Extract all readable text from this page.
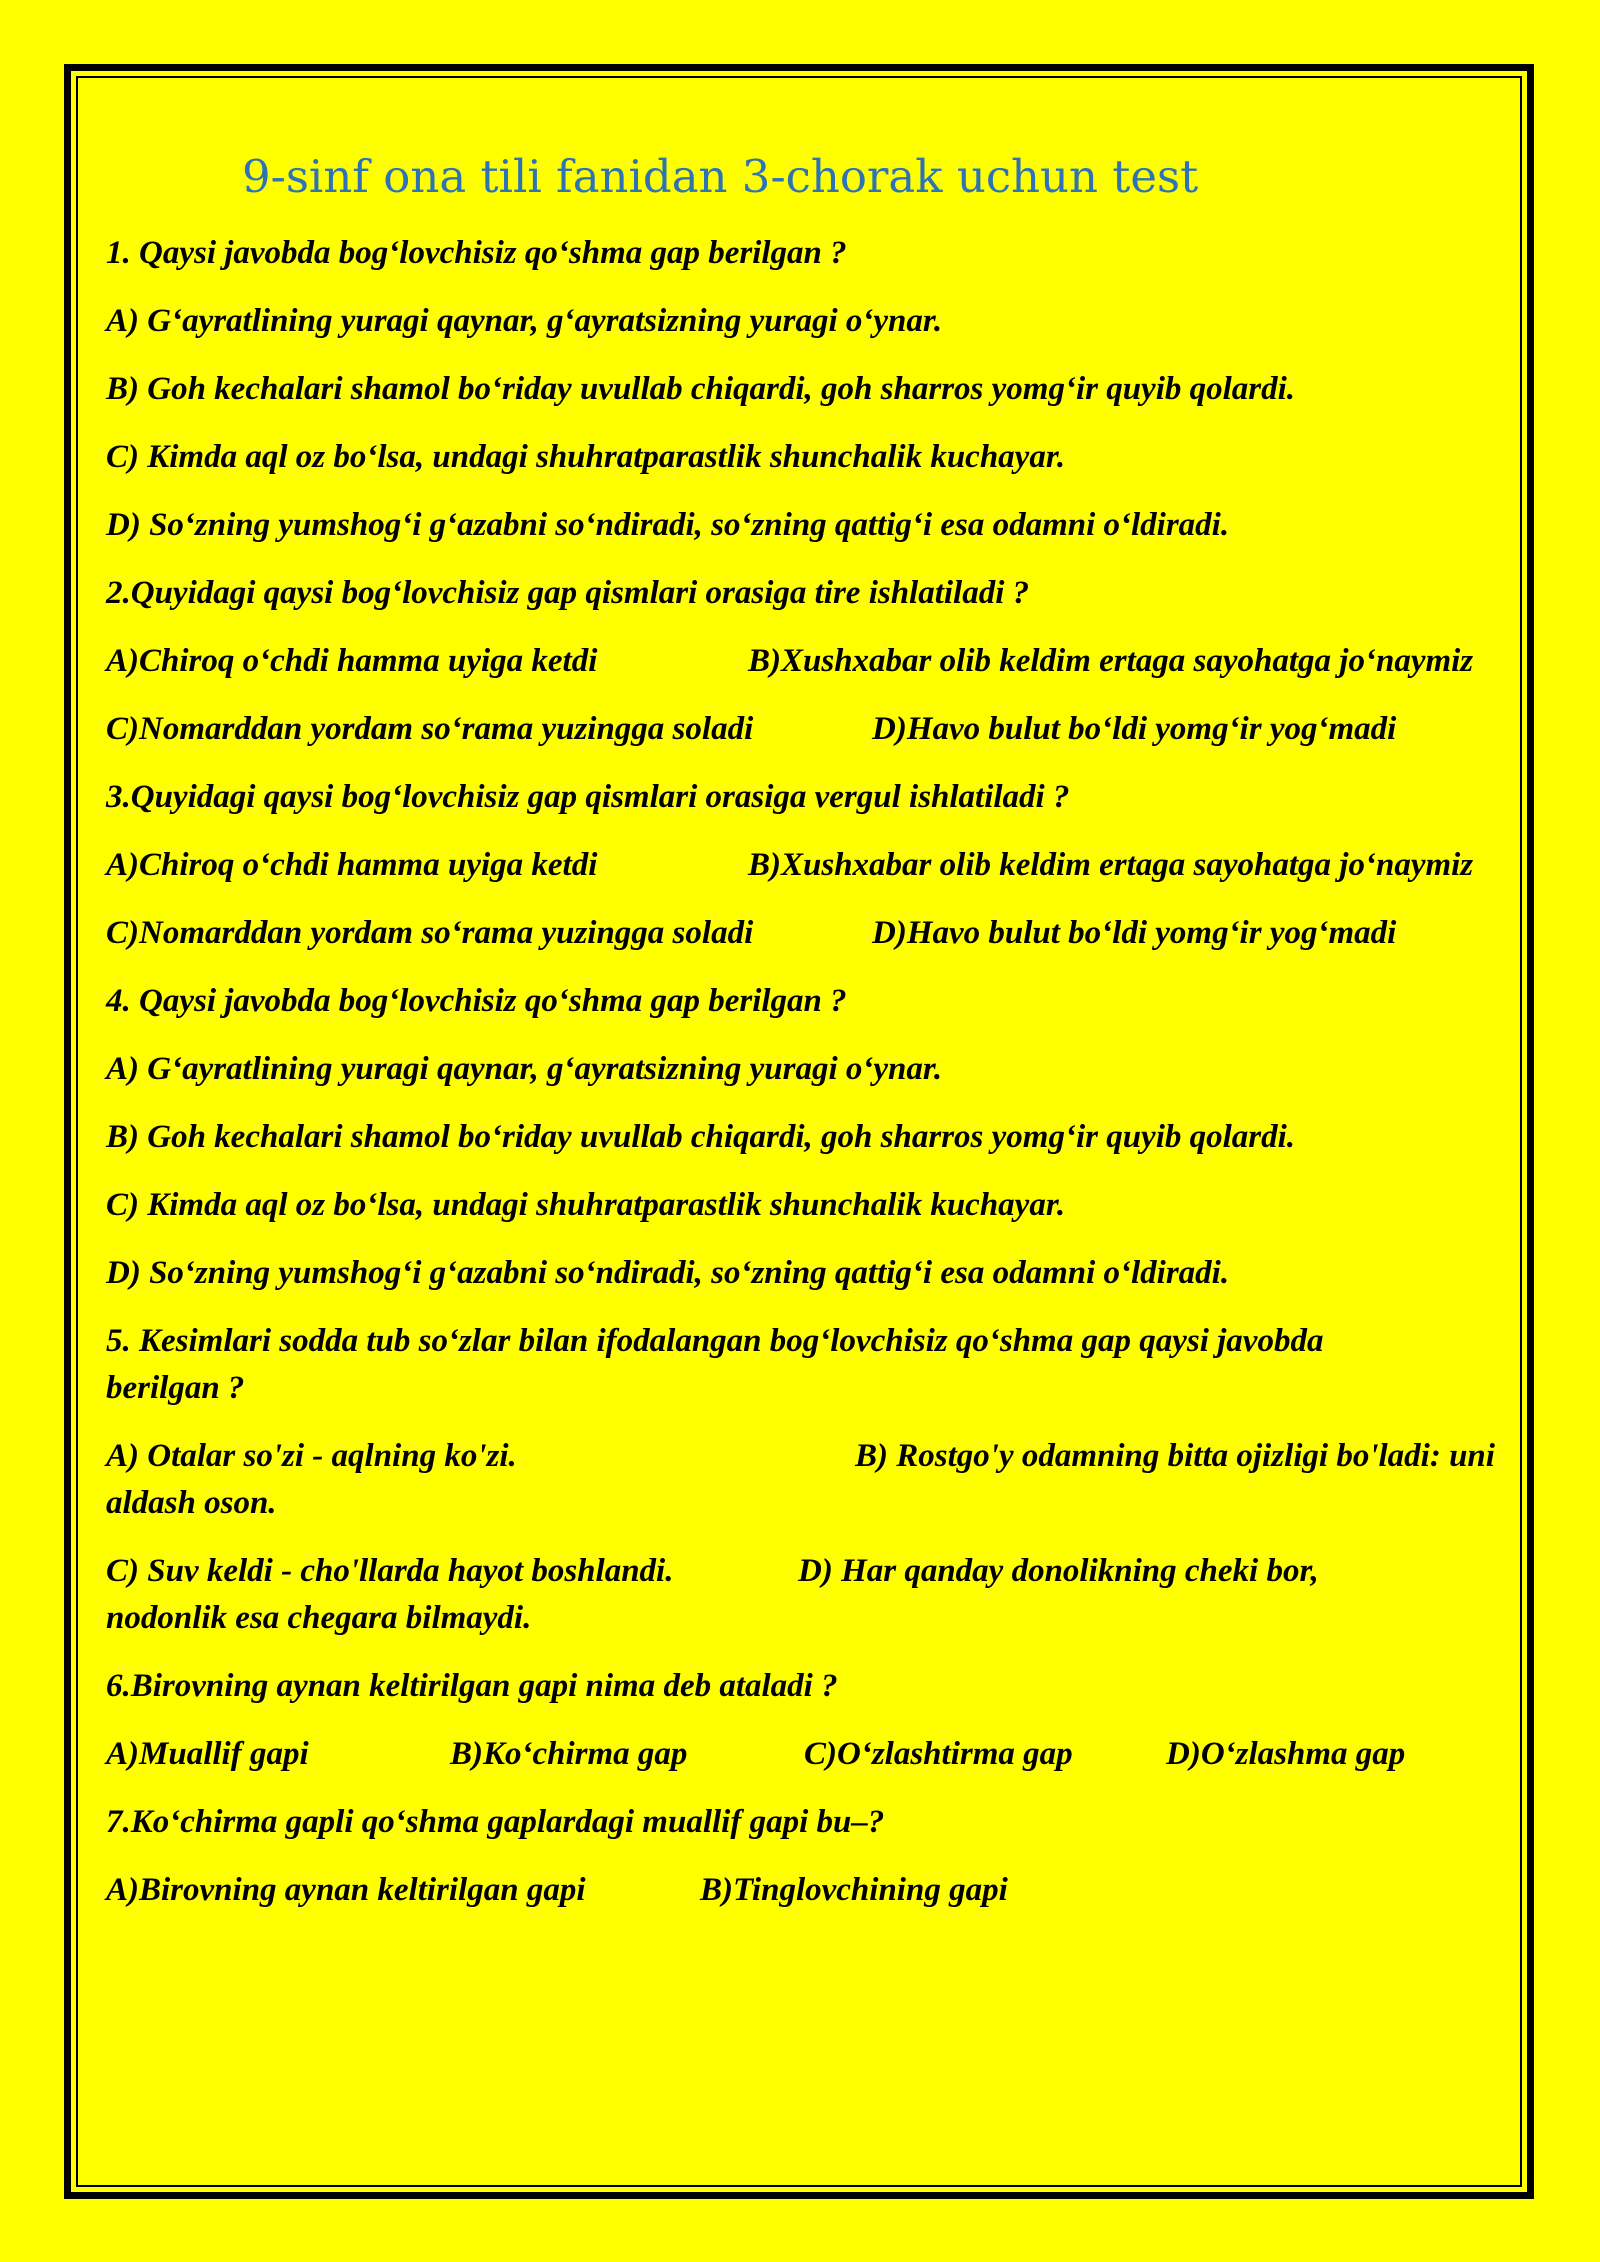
9-sinf ona tili fanidan 3-chorak uchun test
1. Qaysi javobda bog‘lovchisiz qo‘shma gap berilgan ?
A) G‘ayratlining yuragi qaynar, g‘ayratsizning yuragi o‘ynar.
B) Goh kechalari shamol bo‘riday uvullab chiqardi, goh sharros yomg‘ir quyib qolardi.
C) Kimda aql oz bo‘lsa, undagi shuhratparastlik shunchalik kuchayar.
D) So‘zning yumshog‘i g‘azabni so‘ndiradi, so‘zning qattig‘i esa odamni o‘ldiradi.
2.Quyidagi qaysi bog‘lovchisiz gap qismlari orasiga tire ishlatiladi ?
A)Chiroq o‘chdi hamma uyiga ketdi	B)Xushxabar olib keldim ertaga sayohatga jo‘naymiz
C)Nomarddan yordam so‘rama yuzingga soladi	D)Havo bulut bo‘ldi yomg‘ir yog‘madi
3.Quyidagi qaysi bog‘lovchisiz gap qismlari orasiga vergul ishlatiladi ?
A)Chiroq o‘chdi hamma uyiga ketdi	B)Xushxabar olib keldim ertaga sayohatga jo‘naymiz
C)Nomarddan yordam so‘rama yuzingga soladi	D)Havo bulut bo‘ldi yomg‘ir yog‘madi
4. Qaysi javobda bog‘lovchisiz qo‘shma gap berilgan ?
A) G‘ayratlining yuragi qaynar, g‘ayratsizning yuragi o‘ynar.
B) Goh kechalari shamol bo‘riday uvullab chiqardi, goh sharros yomg‘ir quyib qolardi.
C) Kimda aql oz bo‘lsa, undagi shuhratparastlik shunchalik kuchayar.
D) So‘zning yumshog‘i g‘azabni so‘ndiradi, so‘zning qattig‘i esa odamni o‘ldiradi.
5. Kesimlari sodda tub so‘zlar bilan ifodalangan bog‘lovchisiz qo‘shma gap qaysi javobda berilgan ?
A) Otalar so'zi - aqlning ko'zi.	B) Rostgo'y odamning bitta ojizligi bo'ladi: uni aldash oson.
C) Suv keldi - cho'llarda hayot boshlandi.	D) Har qanday donolikning cheki bor, nodonlik esa chegara bilmaydi.
6.Birovning aynan keltirilgan gapi nima deb ataladi ?
A)Muallif gapi	B)Ko‘chirma gap	C)O‘zlashtirma gap	D)O‘zlashma gap
7.Ko‘chirma gapli qo‘shma gaplardagi muallif gapi bu–?
A)Birovning aynan keltirilgan gapi	B)Tinglovchining gapi
